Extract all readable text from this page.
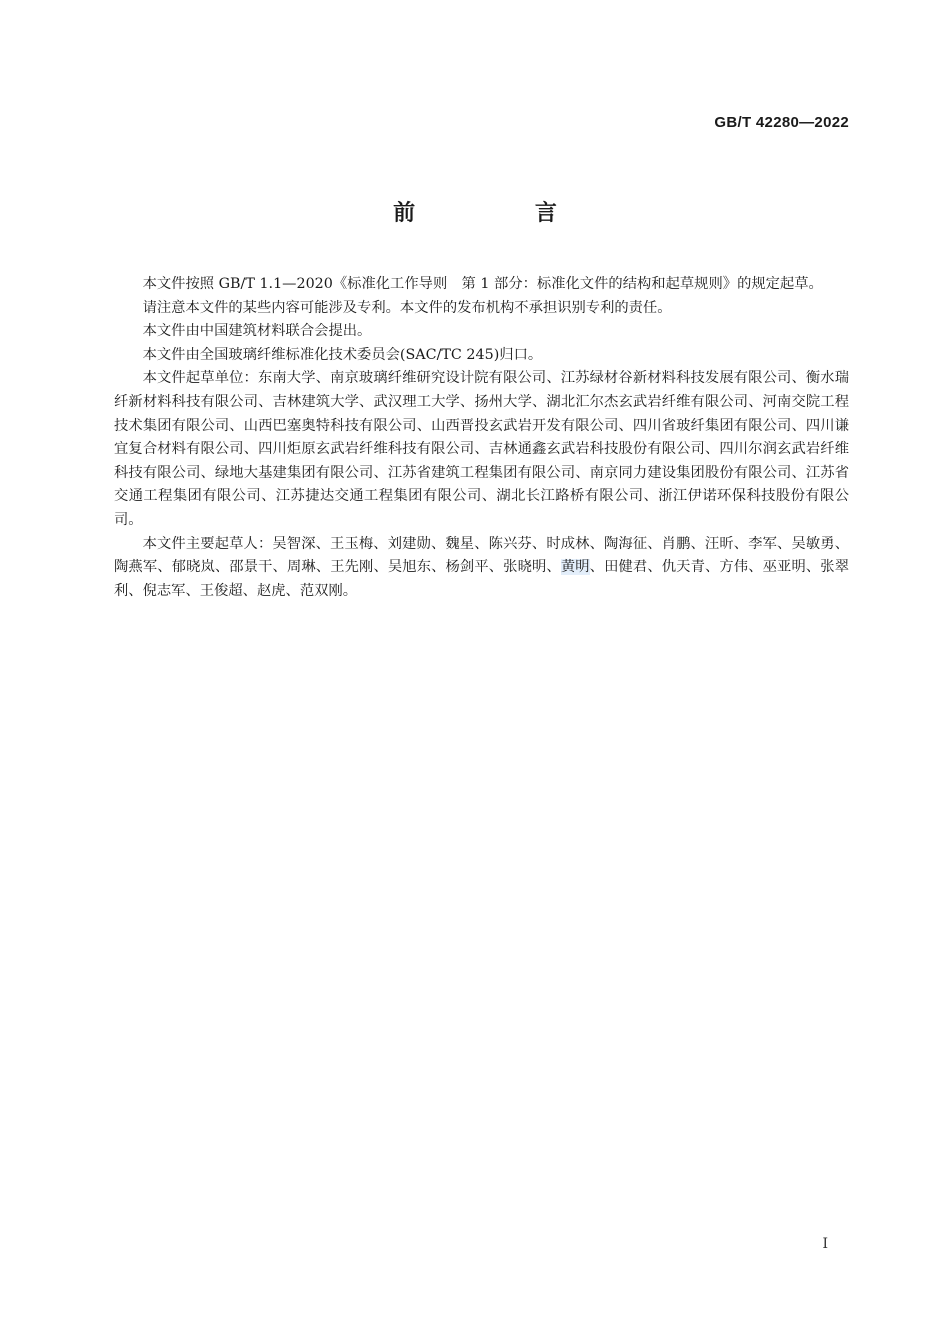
GB/T 42280—2022

前 言

本文件按照 GB/T 1.1—2020《标准化工作导则　第 1 部分：标准化文件的结构和起草规则》的规定起草。

请注意本文件的某些内容可能涉及专利。本文件的发布机构不承担识别专利的责任。

本文件由中国建筑材料联合会提出。

本文件由全国玻璃纤维标准化技术委员会(SAC/TC 245)归口。

本文件起草单位：东南大学、南京玻璃纤维研究设计院有限公司、江苏绿材谷新材料科技发展有限公司、衡水瑞纤新材料科技有限公司、吉林建筑大学、武汉理工大学、扬州大学、湖北汇尔杰玄武岩纤维有限公司、河南交院工程技术集团有限公司、山西巴塞奥特科技有限公司、山西晋投玄武岩开发有限公司、四川省玻纤集团有限公司、四川谦宜复合材料有限公司、四川炬原玄武岩纤维科技有限公司、吉林通鑫玄武岩科技股份有限公司、四川尔润玄武岩纤维科技有限公司、绿地大基建集团有限公司、江苏省建筑工程集团有限公司、南京同力建设集团股份有限公司、江苏省交通工程集团有限公司、江苏捷达交通工程集团有限公司、湖北长江路桥有限公司、浙江伊诺环保科技股份有限公司。

本文件主要起草人：吴智深、王玉梅、刘建勋、魏星、陈兴芬、时成林、陶海征、肖鹏、汪昕、李军、吴敏勇、陶燕军、郁晓岚、邵景干、周琳、王先刚、吴旭东、杨剑平、张晓明、黄明、田健君、仇天青、方伟、巫亚明、张翠利、倪志军、王俊超、赵虎、范双刚。

I
